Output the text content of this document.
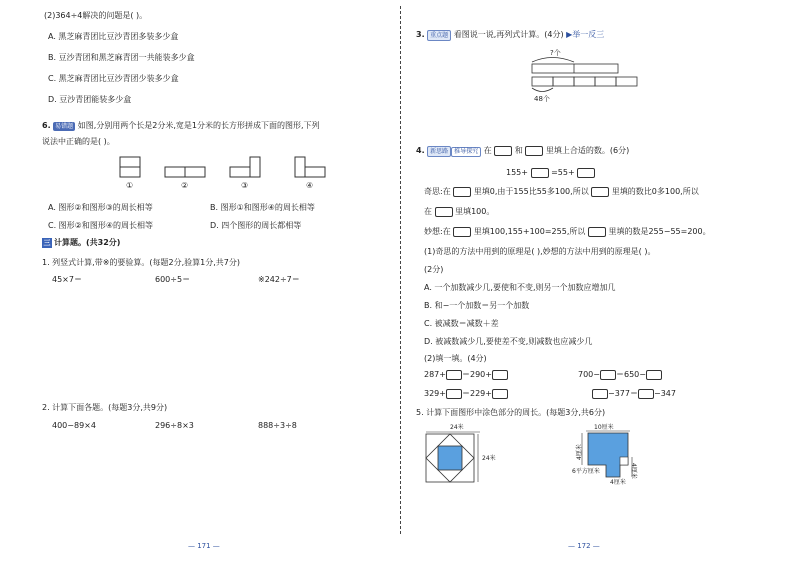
(2)364÷4解决的问题是( )。
A. 黑芝麻青团比豆沙青团多装多少盒
B. 豆沙青团和黑芝麻青团一共能装多少盒
C. 黑芝麻青团比豆沙青团少装多少盒
D. 豆沙青团能装多少盒
6. 易错题 如图,分别用两个长是2分米,宽是1分米的长方形拼成下面的图形,下列
说法中正确的是( )。
①	②	③	④
A. 图形②和图形③的周长相等	B. 图形①和图形④的周长相等
C. 图形②和图形④的周长相等	D. 四个图形的周长都相等
三 计算题。(共32分)
1. 列竖式计算,带※的要验算。(每题2分,验算1分,共7分)
45×7＝	600÷5＝	※242÷7＝
2. 计算下面各题。(每题3分,共9分)
400−89×4	296÷8×3	888÷3÷8
— 171 —
3. 重点题 看图说一说,再列式计算。(4分) ▶举一反三
?个
48个
4. 新思路 推导探究 在	和	里填上合适的数。(6分)
155+	=55+
奇思:在	里填0,由于155比55多100,所以	里填的数比0多100,所以
在	里填100。
妙想:在	里填100,155+100=255,所以	里填的数是255−55=200。
(1)奇思的方法中用到的原理是( ),妙想的方法中用到的原理是( )。
(2分)
A. 一个加数减少几,要使和不变,则另一个加数应增加几
B. 和−一个加数＝另一个加数
C. 被减数＝减数＋差
D. 被减数减少几,要使差不变,则减数也应减少几
(2)填一填。(4分)
287+ ＝290+	700− ＝650−
329+ ＝229+	−377＝ −347
5. 计算下面图形中涂色部分的周长。(每题3分,共6分)
24米
24米
10厘米
4厘米
4厘米
6平方厘米
4厘米
— 172 —
